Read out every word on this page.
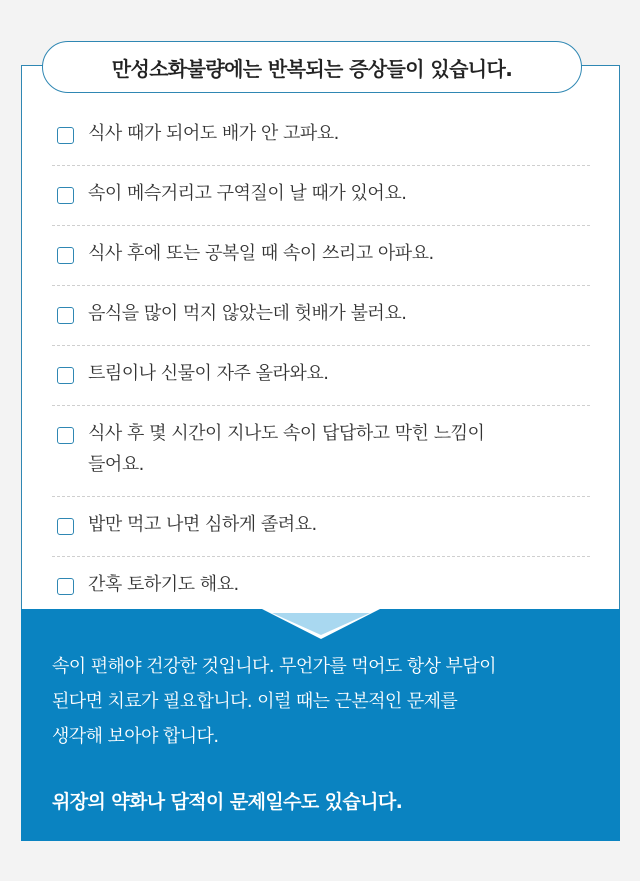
만성소화불량에는 반복되는 증상들이 있습니다.
식사 때가 되어도 배가 안 고파요.
속이 메슥거리고 구역질이 날 때가 있어요.
식사 후에 또는 공복일 때 속이 쓰리고 아파요.
음식을 많이 먹지 않았는데 헛배가 불러요.
트림이나 신물이 자주 올라와요.
식사 후 몇 시간이 지나도 속이 답답하고 막힌 느낌이
들어요.
밥만 먹고 나면 심하게 졸려요.
간혹 토하기도 해요.

속이 편해야 건강한 것입니다. 무언가를 먹어도 항상 부담이
된다면 치료가 필요합니다. 이럴 때는 근본적인 문제를
생각해 보아야 합니다.

위장의 약화나 담적이 문제일수도 있습니다.
